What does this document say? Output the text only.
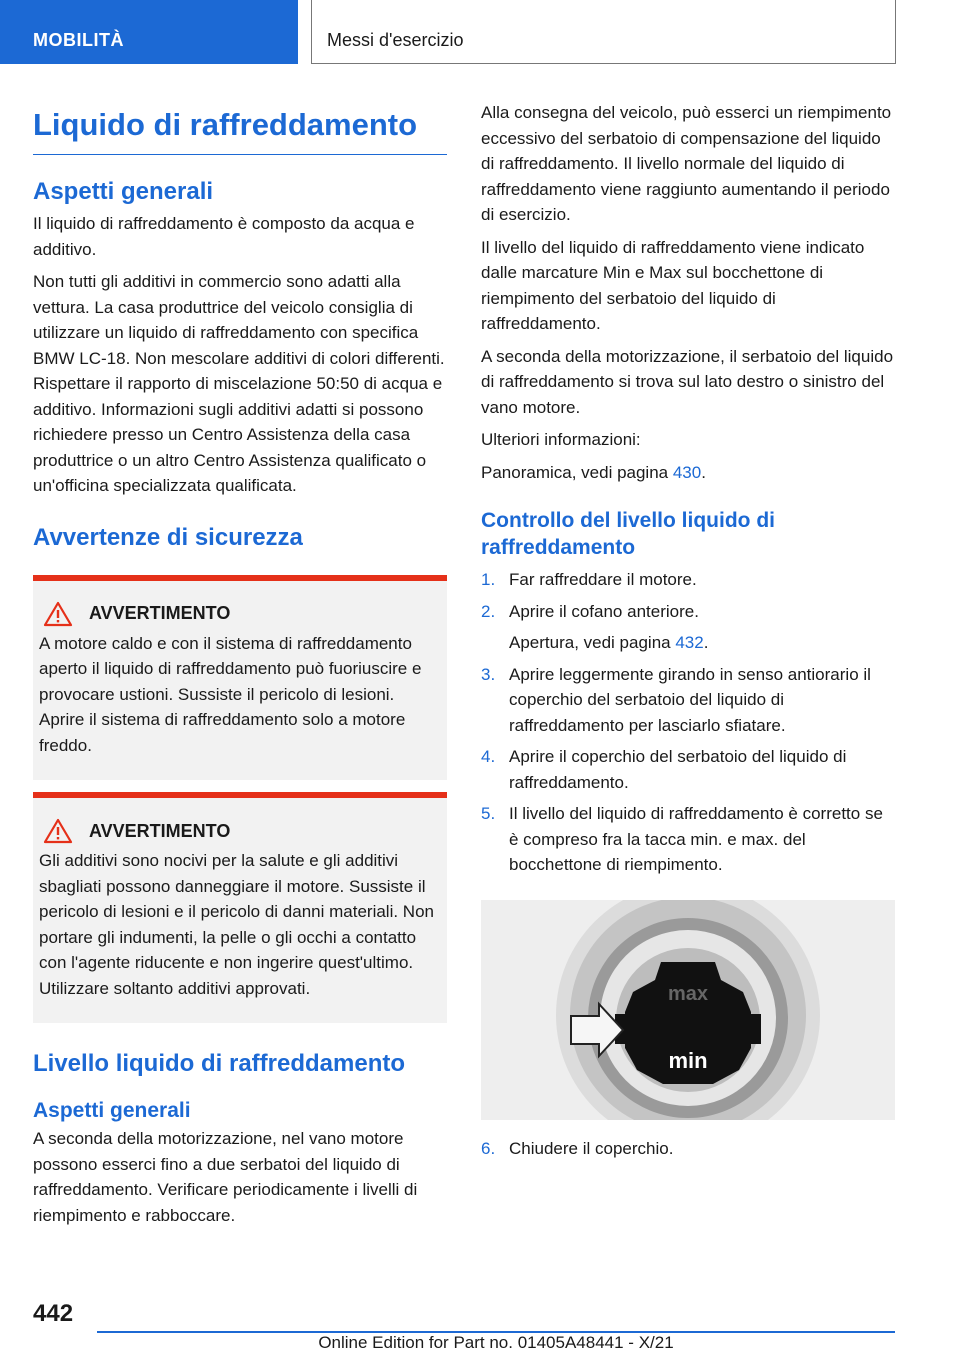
MOBILITÀ	Messi d'esercizio
Liquido di raffreddamento
Aspetti generali

Il liquido di raffreddamento è composto da acqua e additivo.

Non tutti gli additivi in commercio sono adatti alla vettura. La casa produttrice del veicolo consiglia di utilizzare un liquido di raffreddamento con specifica BMW LC-18. Non mescolare additivi di colori differenti. Rispettare il rapporto di miscelazione 50:50 di acqua e additivo. Informazioni sugli additivi adatti si possono richiedere presso un Centro Assistenza della casa produttrice o un altro Centro Assistenza qualificato o un'officina specializzata qualificata.

Avvertenze di sicurezza
AVVERTIMENTO

A motore caldo e con il sistema di raffreddamento aperto il liquido di raffreddamento può fuoriuscire e provocare ustioni. Sussiste il pericolo di lesioni. Aprire il sistema di raffreddamento solo a motore freddo.

AVVERTIMENTO

Gli additivi sono nocivi per la salute e gli additivi sbagliati possono danneggiare il motore. Sussiste il pericolo di lesioni e il pericolo di danni materiali. Non portare gli indumenti, la pelle o gli occhi a contatto con l'agente riducente e non ingerire quest'ultimo. Utilizzare soltanto additivi approvati.

Livello liquido di raffreddamento
Aspetti generali

A seconda della motorizzazione, nel vano motore possono esserci fino a due serbatoi del liquido di raffreddamento. Verificare periodicamente i livelli di riempimento e rabboccare.

Alla consegna del veicolo, può esserci un riempimento eccessivo del serbatoio di compensazione del liquido di raffreddamento. Il livello normale del liquido di raffreddamento viene raggiunto aumentando il periodo di esercizio.

Il livello del liquido di raffreddamento viene indicato dalle marcature Min e Max sul bocchettone di riempimento del serbatoio del liquido di raffreddamento.

A seconda della motorizzazione, il serbatoio del liquido di raffreddamento si trova sul lato destro o sinistro del vano motore.

Ulteriori informazioni:

Panoramica, vedi pagina 430.

Controllo del livello liquido di raffreddamento
1. Far raffreddare il motore.
2. Aprire il cofano anteriore.
Apertura, vedi pagina 432.
3. Aprire leggermente girando in senso antiorario il coperchio del serbatoio del liquido di raffreddamento per lasciarlo sfiatare.
4. Aprire il coperchio del serbatoio del liquido di raffreddamento.
5. Il livello del liquido di raffreddamento è corretto se è compreso fra la tacca min. e max. del bocchettone di riempimento.
max
min
6. Chiudere il coperchio.
442
Online Edition for Part no. 01405A48441 - X/21
